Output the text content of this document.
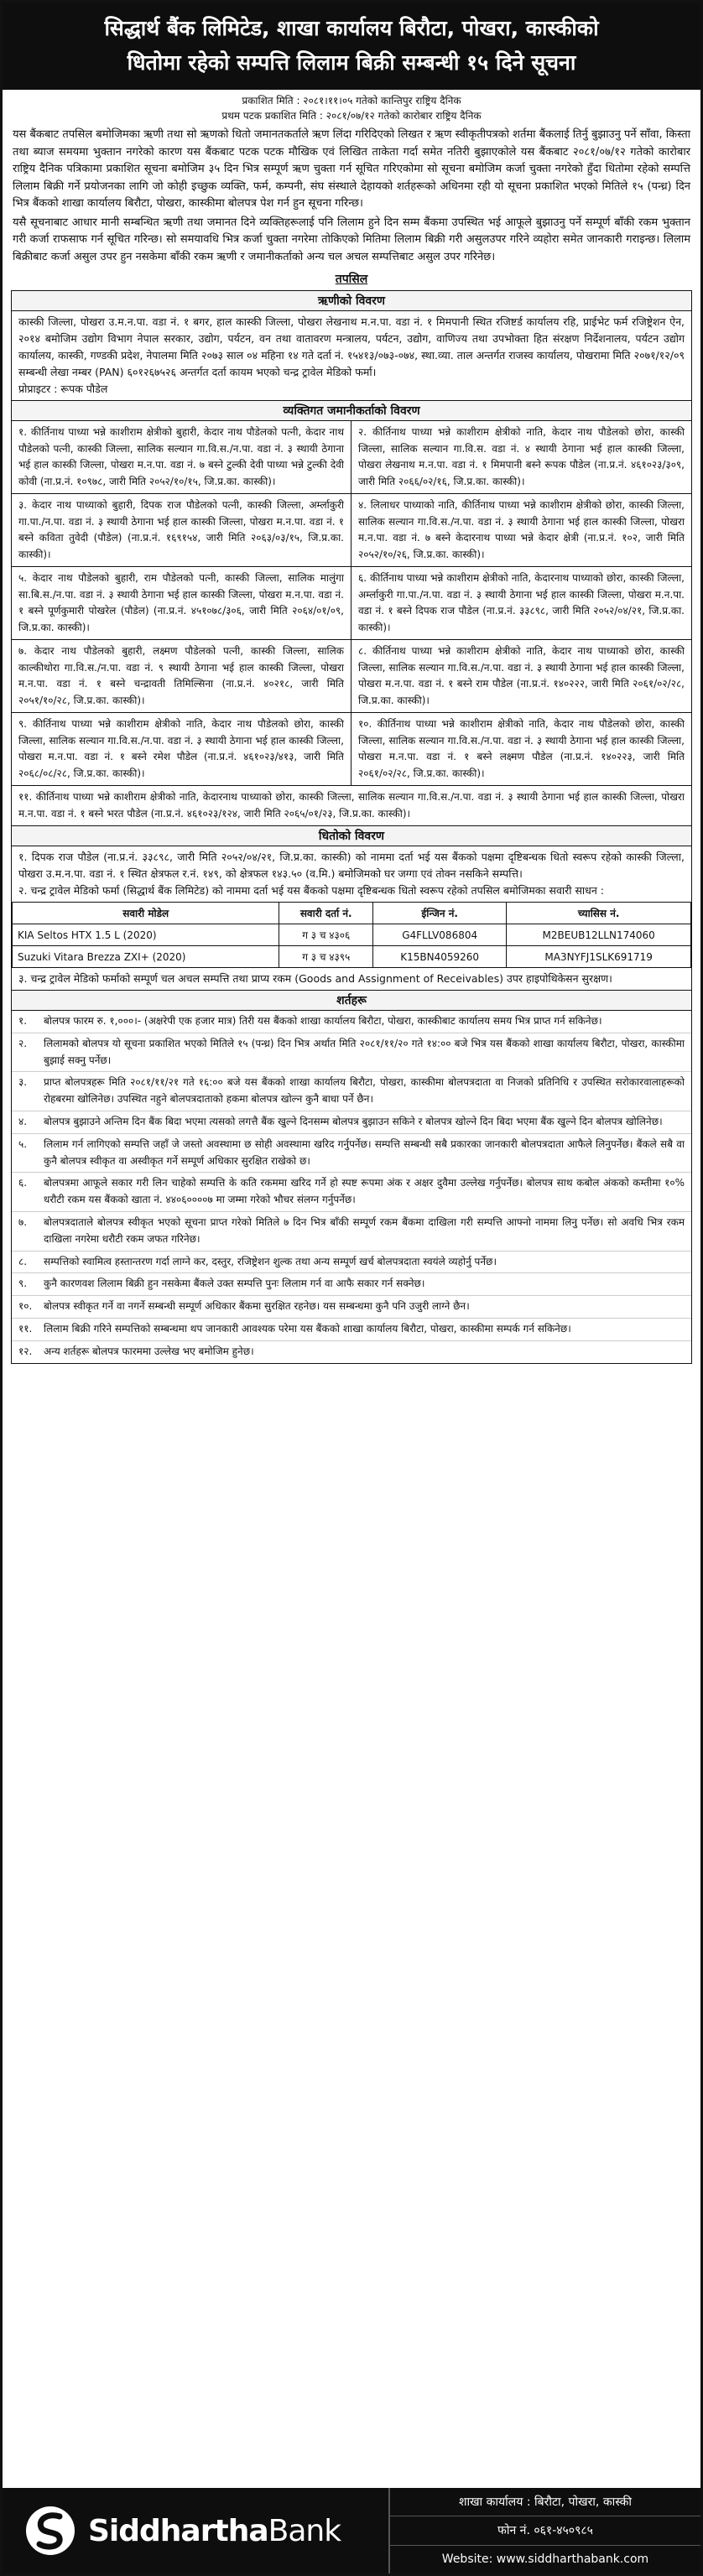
सिद्धार्थ बैंक लिमिटेड, शाखा कार्यालय बिरौटा, पोखरा, कास्कीको
धितोमा रहेको सम्पत्ति लिलाम बिक्री सम्बन्धी १५ दिने सूचना
प्रकाशित मिति : २०८१।११।०५ गतेको कान्तिपुर राष्ट्रिय दैनिक
प्रथम पटक प्रकाशित मिति : २०८१/०७/१२ गतेको कारोबार राष्ट्रिय दैनिक

यस बैंकबाट तपसिल बमोजिमका ऋणी तथा सो ऋणको धितो जमानतकर्ताले ऋण लिंदा गरिदिएको लिखत र ऋण स्वीकृतीपत्रको शर्तमा बैंकलाई तिर्नु बुझाउनु पर्ने साँवा, किस्ता तथा ब्याज समयमा भुक्तान नगरेको कारण यस बैंकबाट पटक पटक मौखिक एवं लिखित ताकेता गर्दा समेत नतिरी बुझाएकोले यस बैंकबाट २०८१/०७/१२ गतेको कारोबार राष्ट्रिय दैनिक पत्रिकामा प्रकाशित सूचना बमोजिम ३५ दिन भित्र सम्पूर्ण ऋण चुक्ता गर्न सूचित गरिएकोमा सो सूचना बमोजिम कर्जा चुक्ता नगरेको हुँदा धितोमा रहेको सम्पत्ति लिलाम बिक्री गर्ने प्रयोजनका लागि जो कोही इच्छुक व्यक्ति, फर्म, कम्पनी, संघ संस्थाले देहायको शर्तहरूको अधिनमा रही यो सूचना प्रकाशित भएको मितिले १५ (पन्ध्र) दिन भित्र बैंकको शाखा कार्यालय बिरौटा, पोखरा, कास्कीमा बोलपत्र पेश गर्न हुन सूचना गरिन्छ।

यसै सूचनाबाट आधार मानी सम्बन्धित ऋणी तथा जमानत दिने व्यक्तिहरूलाई पनि लिलाम हुने दिन सम्म बैंकमा उपस्थित भई आफूले बुझाउनु पर्ने सम्पूर्ण बाँकी रकम भुक्तान गरी कर्जा राफसाफ गर्न सूचित गरिन्छ। सो समयावधि भित्र कर्जा चुक्ता नगरेमा तोकिएको मितिमा लिलाम बिक्री गरी असुलउपर गरिने व्यहोरा समेत जानकारी गराइन्छ। लिलाम बिक्रीबाट कर्जा असुल उपर हुन नसकेमा बाँकी रकम ऋणी र जमानीकर्ताको अन्य चल अचल सम्पत्तिबाट असुल उपर गरिनेछ।

तपसिल
ऋणीको विवरण
कास्की जिल्ला, पोखरा उ.म.न.पा. वडा नं. १ बगर, हाल कास्की जिल्ला, पोखरा लेखनाथ म.न.पा. वडा नं. १ मिमपानी स्थित रजिष्टर्ड कार्यालय रहि, प्राईभेट फर्म रजिष्ट्रेशन ऐन, २०१४ बमोजिम उद्योग विभाग नेपाल सरकार, उद्योग, पर्यटन, वन तथा वातावरण मन्त्रालय, पर्यटन, उद्योग, वाणिज्य तथा उपभोक्ता हित संरक्षण निर्देशनालय, पर्यटन उद्योग कार्यालय, कास्की, गण्डकी प्रदेश, नेपालमा मिति २०७३ साल ०४ महिना १४ गते दर्ता नं. १५४१३/०७३-०७४, स्था.व्या. ताल अन्तर्गत राजस्व कार्यालय, पोखरामा मिति २०७१/१२/०९ सम्बन्धी लेखा नम्बर (PAN) ६०१२६७५२६ अन्तर्गत दर्ता कायम भएको चन्द्र ट्रावेल मेडिको फर्मा।
प्रोप्राइटर : रूपक पौडेल
व्यक्तिगत जमानीकर्ताको विवरण
१. कीर्तिनाथ पाध्या भन्ने काशीराम क्षेत्रीको बुहारी, केदार नाथ पौडेलको पत्नी, केदार नाथ पौडेलको पत्नी, कास्की जिल्ला, सालिक सल्यान गा.वि.स./न.पा. वडा नं. ३ स्थायी ठेगाना भई हाल कास्की जिल्ला, पोखरा म.न.पा. वडा नं. ७ बस्ने टुल्की देवी पाध्या भन्ने टुल्की देवी कोवी (ना.प्र.नं. १०९७८, जारी मिति २०५२/१०/१५, जि.प्र.का. कास्की)।
२. कीर्तिनाथ पाध्या भन्ने काशीराम क्षेत्रीको नाति, केदार नाथ पौडेलको छोरा, कास्की जिल्ला, सालिक सल्यान गा.वि.स. वडा नं. ४ स्थायी ठेगाना भई हाल कास्की जिल्ला, पोखरा लेखनाथ म.न.पा. वडा नं. १ मिमपानी बस्ने रूपक पौडेल (ना.प्र.नं. ४६१०२३/३०९, जारी मिति २०६६/०२/१६, जि.प्र.का. कास्की)।
३. केदार नाथ पाध्याको बुहारी, दिपक राज पौडेलको पत्नी, कास्की जिल्ला, अर्म्लाकुरी गा.पा./न.पा. वडा नं. ३ स्थायी ठेगाना भई हाल कास्की जिल्ला, पोखरा म.न.पा. वडा नं. १ बस्ने कविता तुवेदी (पौडेल) (ना.प्र.नं. १६९१५४, जारी मिति २०६३/०३/१५, जि.प्र.का. कास्की)।
४. लिलाधर पाध्याको नाति, कीर्तिनाथ पाध्या भन्ने काशीराम क्षेत्रीको छोरा, कास्की जिल्ला, सालिक सल्यान गा.वि.स./न.पा. वडा नं. ३ स्थायी ठेगाना भई हाल कास्की जिल्ला, पोखरा म.न.पा. वडा नं. ७ बस्ने केदारनाथ पाध्या भन्ने केदार क्षेत्री (ना.प्र.नं. १०२, जारी मिति २०५२/१०/२६, जि.प्र.का. कास्की)।
५. केदार नाथ पौडेलको बुहारी, राम पौडेलको पत्नी, कास्की जिल्ला, सालिक मालुंगा सा.बि.स./न.पा. वडा नं. ३ स्थायी ठेगाना भई हाल कास्की जिल्ला, पोखरा म.न.पा. वडा नं. १ बस्ने पूर्णकुमारी पोखरेल (पौडेल) (ना.प्र.नं. ४५१०७८/३०६, जारी मिति २०६४/०१/०९, जि.प्र.का. कास्की)।
६. कीर्तिनाथ पाध्या भन्ने काशीराम क्षेत्रीको नाति, केदारनाथ पाध्याको छोरा, कास्की जिल्ला, अर्म्लाकुरी गा.पा./न.पा. वडा नं. ३ स्थायी ठेगाना भई हाल कास्की जिल्ला, पोखरा म.न.पा. वडा नं. १ बस्ने दिपक राज पौडेल (ना.प्र.नं. ३३८९८, जारी मिति २०५२/०४/२१, जि.प्र.का. कास्की)।
७. केदार नाथ पौडेलको बुहारी, लक्ष्मण पौडेलको पत्नी, कास्की जिल्ला, सालिक काल्कीथोरा गा.वि.स./न.पा. वडा नं. ९ स्थायी ठेगाना भई हाल कास्की जिल्ला, पोखरा म.न.पा. वडा नं. १ बस्ने चन्द्रावती तिमिल्सिना (ना.प्र.नं. ४०२१८, जारी मिति २०५१/१०/२८, जि.प्र.का. कास्की)।
८. कीर्तिनाथ पाध्या भन्ने काशीराम क्षेत्रीको नाति, केदार नाथ पाध्याको छोरा, कास्की जिल्ला, सालिक सल्यान गा.वि.स./न.पा. वडा नं. ३ स्थायी ठेगाना भई हाल कास्की जिल्ला, पोखरा म.न.पा. वडा नं. १ बस्ने राम पौडेल (ना.प्र.नं. १४०२२२, जारी मिति २०६१/०२/२८, जि.प्र.का. कास्की)।
९. कीर्तिनाथ पाध्या भन्ने काशीराम क्षेत्रीको नाति, केदार नाथ पौडेलको छोरा, कास्की जिल्ला, सालिक सल्यान गा.वि.स./न.पा. वडा नं. ३ स्थायी ठेगाना भई हाल कास्की जिल्ला, पोखरा म.न.पा. वडा नं. १ बस्ने रमेश पौडेल (ना.प्र.नं. ४६१०२३/४१३, जारी मिति २०६८/०८/२८, जि.प्र.का. कास्की)।
१०. कीर्तिनाथ पाध्या भन्ने काशीराम क्षेत्रीको नाति, केदार नाथ पौडेलको छोरा, कास्की जिल्ला, सालिक सल्यान गा.वि.स./न.पा. वडा नं. ३ स्थायी ठेगाना भई हाल कास्की जिल्ला, पोखरा म.न.पा. वडा नं. १ बस्ने लक्ष्मण पौडेल (ना.प्र.नं. १४०२२३, जारी मिति २०६१/०२/२८, जि.प्र.का. कास्की)।
११. कीर्तिनाथ पाध्या भन्ने काशीराम क्षेत्रीको नाति, केदारनाथ पाध्याको छोरा, कास्की जिल्ला, सालिक सल्यान गा.वि.स./न.पा. वडा नं. ३ स्थायी ठेगाना भई हाल कास्की जिल्ला, पोखरा म.न.पा. वडा नं. १ बस्ने भरत पौडेल (ना.प्र.नं. ४६१०२३/१२४, जारी मिति २०६५/०१/२३, जि.प्र.का. कास्की)।
धितोको विवरण
१. दिपक राज पौडेल (ना.प्र.नं. ३३८९८, जारी मिति २०५२/०४/२१, जि.प्र.का. कास्की) को नाममा दर्ता भई यस बैंकको पक्षमा दृष्टिबन्धक धितो स्वरूप रहेको कास्की जिल्ला, पोखरा उ.म.न.पा. वडा नं. १ स्थित क्षेत्रफल र.नं. १४९, को क्षेत्रफल १४३.५० (व.मि.) बमोजिमको घर जग्गा एवं तोक्न नसकिने सम्पत्ति।
२. चन्द्र ट्रावेल मेडिको फर्मा (सिद्धार्थ बैंक लिमिटेड) को नाममा दर्ता भई यस बैंकको पक्षमा दृष्टिबन्धक धितो स्वरूप रहेको तपसिल बमोजिमका सवारी साधन :
सवारी मोडेल	सवारी दर्ता नं.	ईन्जिन नं.	च्यासिस नं.
KIA Seltos HTX 1.5 L (2020)	ग ३ च ४३०६	G4FLLV086804	M2BEUB12LLN174060
Suzuki Vitara Brezza ZXI+ (2020)	ग ३ च ४३९५	K15BN4059260	MA3NYFJ1SLK691719
३. चन्द्र ट्रावेल मेडिको फर्माको सम्पूर्ण चल अचल सम्पत्ति तथा प्राप्य रकम (Goods and Assignment of Receivables) उपर हाइपोथिकेसन सुरक्षण।
शर्तहरू
१.	बोलपत्र फारम रु. १,०००।- (अक्षरेपी एक हजार मात्र) तिरी यस बैंकको शाखा कार्यालय बिरौटा, पोखरा, कास्कीबाट कार्यालय समय भित्र प्राप्त गर्न सकिनेछ।
२.	लिलामको बोलपत्र यो सूचना प्रकाशित भएको मितिले १५ (पन्ध्र) दिन भित्र अर्थात मिति २०८१/११/२० गते १४:०० बजे भित्र यस बैंकको शाखा कार्यालय बिरौटा, पोखरा, कास्कीमा बुझाई सक्नु पर्नेछ।
३.	प्राप्त बोलपत्रहरू मिति २०८१/११/२१ गते १६:०० बजे यस बैंकको शाखा कार्यालय बिरौटा, पोखरा, कास्कीमा बोलपत्रदाता वा निजको प्रतिनिधि र उपस्थित सरोकारवालाहरूको रोहबरमा खोलिनेछ। उपस्थित नहुने बोलपत्रदाताको हकमा बोलपत्र खोल्न कुनै बाधा पर्ने छैन।
४.	बोलपत्र बुझाउने अन्तिम दिन बैंक बिदा भएमा त्यसको लगत्तै बैंक खुल्ने दिनसम्म बोलपत्र बुझाउन सकिने र बोलपत्र खोल्ने दिन बिदा भएमा बैंक खुल्ने दिन बोलपत्र खोलिनेछ।
५.	लिलाम गर्न लागिएको सम्पत्ति जहाँ जे जस्तो अवस्थामा छ सोही अवस्थामा खरिद गर्नुपर्नेछ। सम्पत्ति सम्बन्धी सबै प्रकारका जानकारी बोलपत्रदाता आफैले लिनुपर्नेछ। बैंकले सबै वा कुनै बोलपत्र स्वीकृत वा अस्वीकृत गर्ने सम्पूर्ण अधिकार सुरक्षित राखेको छ।
६.	बोलपत्रमा आफूले सकार गरी लिन चाहेको सम्पत्ति के कति रकममा खरिद गर्ने हो स्पष्ट रूपमा अंक र अक्षर दुवैमा उल्लेख गर्नुपर्नेछ। बोलपत्र साथ कबोल अंकको कम्तीमा १०% धरौटी रकम यस बैंकको खाता नं. ४४०६००००७ मा जम्मा गरेको भौचर संलग्न गर्नुपर्नेछ।
७.	बोलपत्रदाताले बोलपत्र स्वीकृत भएको सूचना प्राप्त गरेको मितिले ७ दिन भित्र बाँकी सम्पूर्ण रकम बैंकमा दाखिला गरी सम्पत्ति आफ्नो नाममा लिनु पर्नेछ। सो अवधि भित्र रकम दाखिला नगरेमा धरौटी रकम जफत गरिनेछ।
८.	सम्पत्तिको स्वामित्व हस्तान्तरण गर्दा लाग्ने कर, दस्तुर, रजिष्ट्रेशन शुल्क तथा अन्य सम्पूर्ण खर्च बोलपत्रदाता स्वयंले व्यहोर्नु पर्नेछ।
९.	कुनै कारणवश लिलाम बिक्री हुन नसकेमा बैंकले उक्त सम्पत्ति पुनः लिलाम गर्न वा आफै सकार गर्न सक्नेछ।
१०.	बोलपत्र स्वीकृत गर्ने वा नगर्ने सम्बन्धी सम्पूर्ण अधिकार बैंकमा सुरक्षित रहनेछ। यस सम्बन्धमा कुनै पनि उजुरी लाग्ने छैन।
११.	लिलाम बिक्री गरिने सम्पत्तिको सम्बन्धमा थप जानकारी आवश्यक परेमा यस बैंकको शाखा कार्यालय बिरौटा, पोखरा, कास्कीमा सम्पर्क गर्न सकिनेछ।
१२.	अन्य शर्तहरू बोलपत्र फारममा उल्लेख भए बमोजिम हुनेछ।
SiddharthaBank
शाखा कार्यालय : बिरौटा, पोखरा, कास्की
फोन नं. ०६१-४५०९८५
Website: www.siddharthabank.com
